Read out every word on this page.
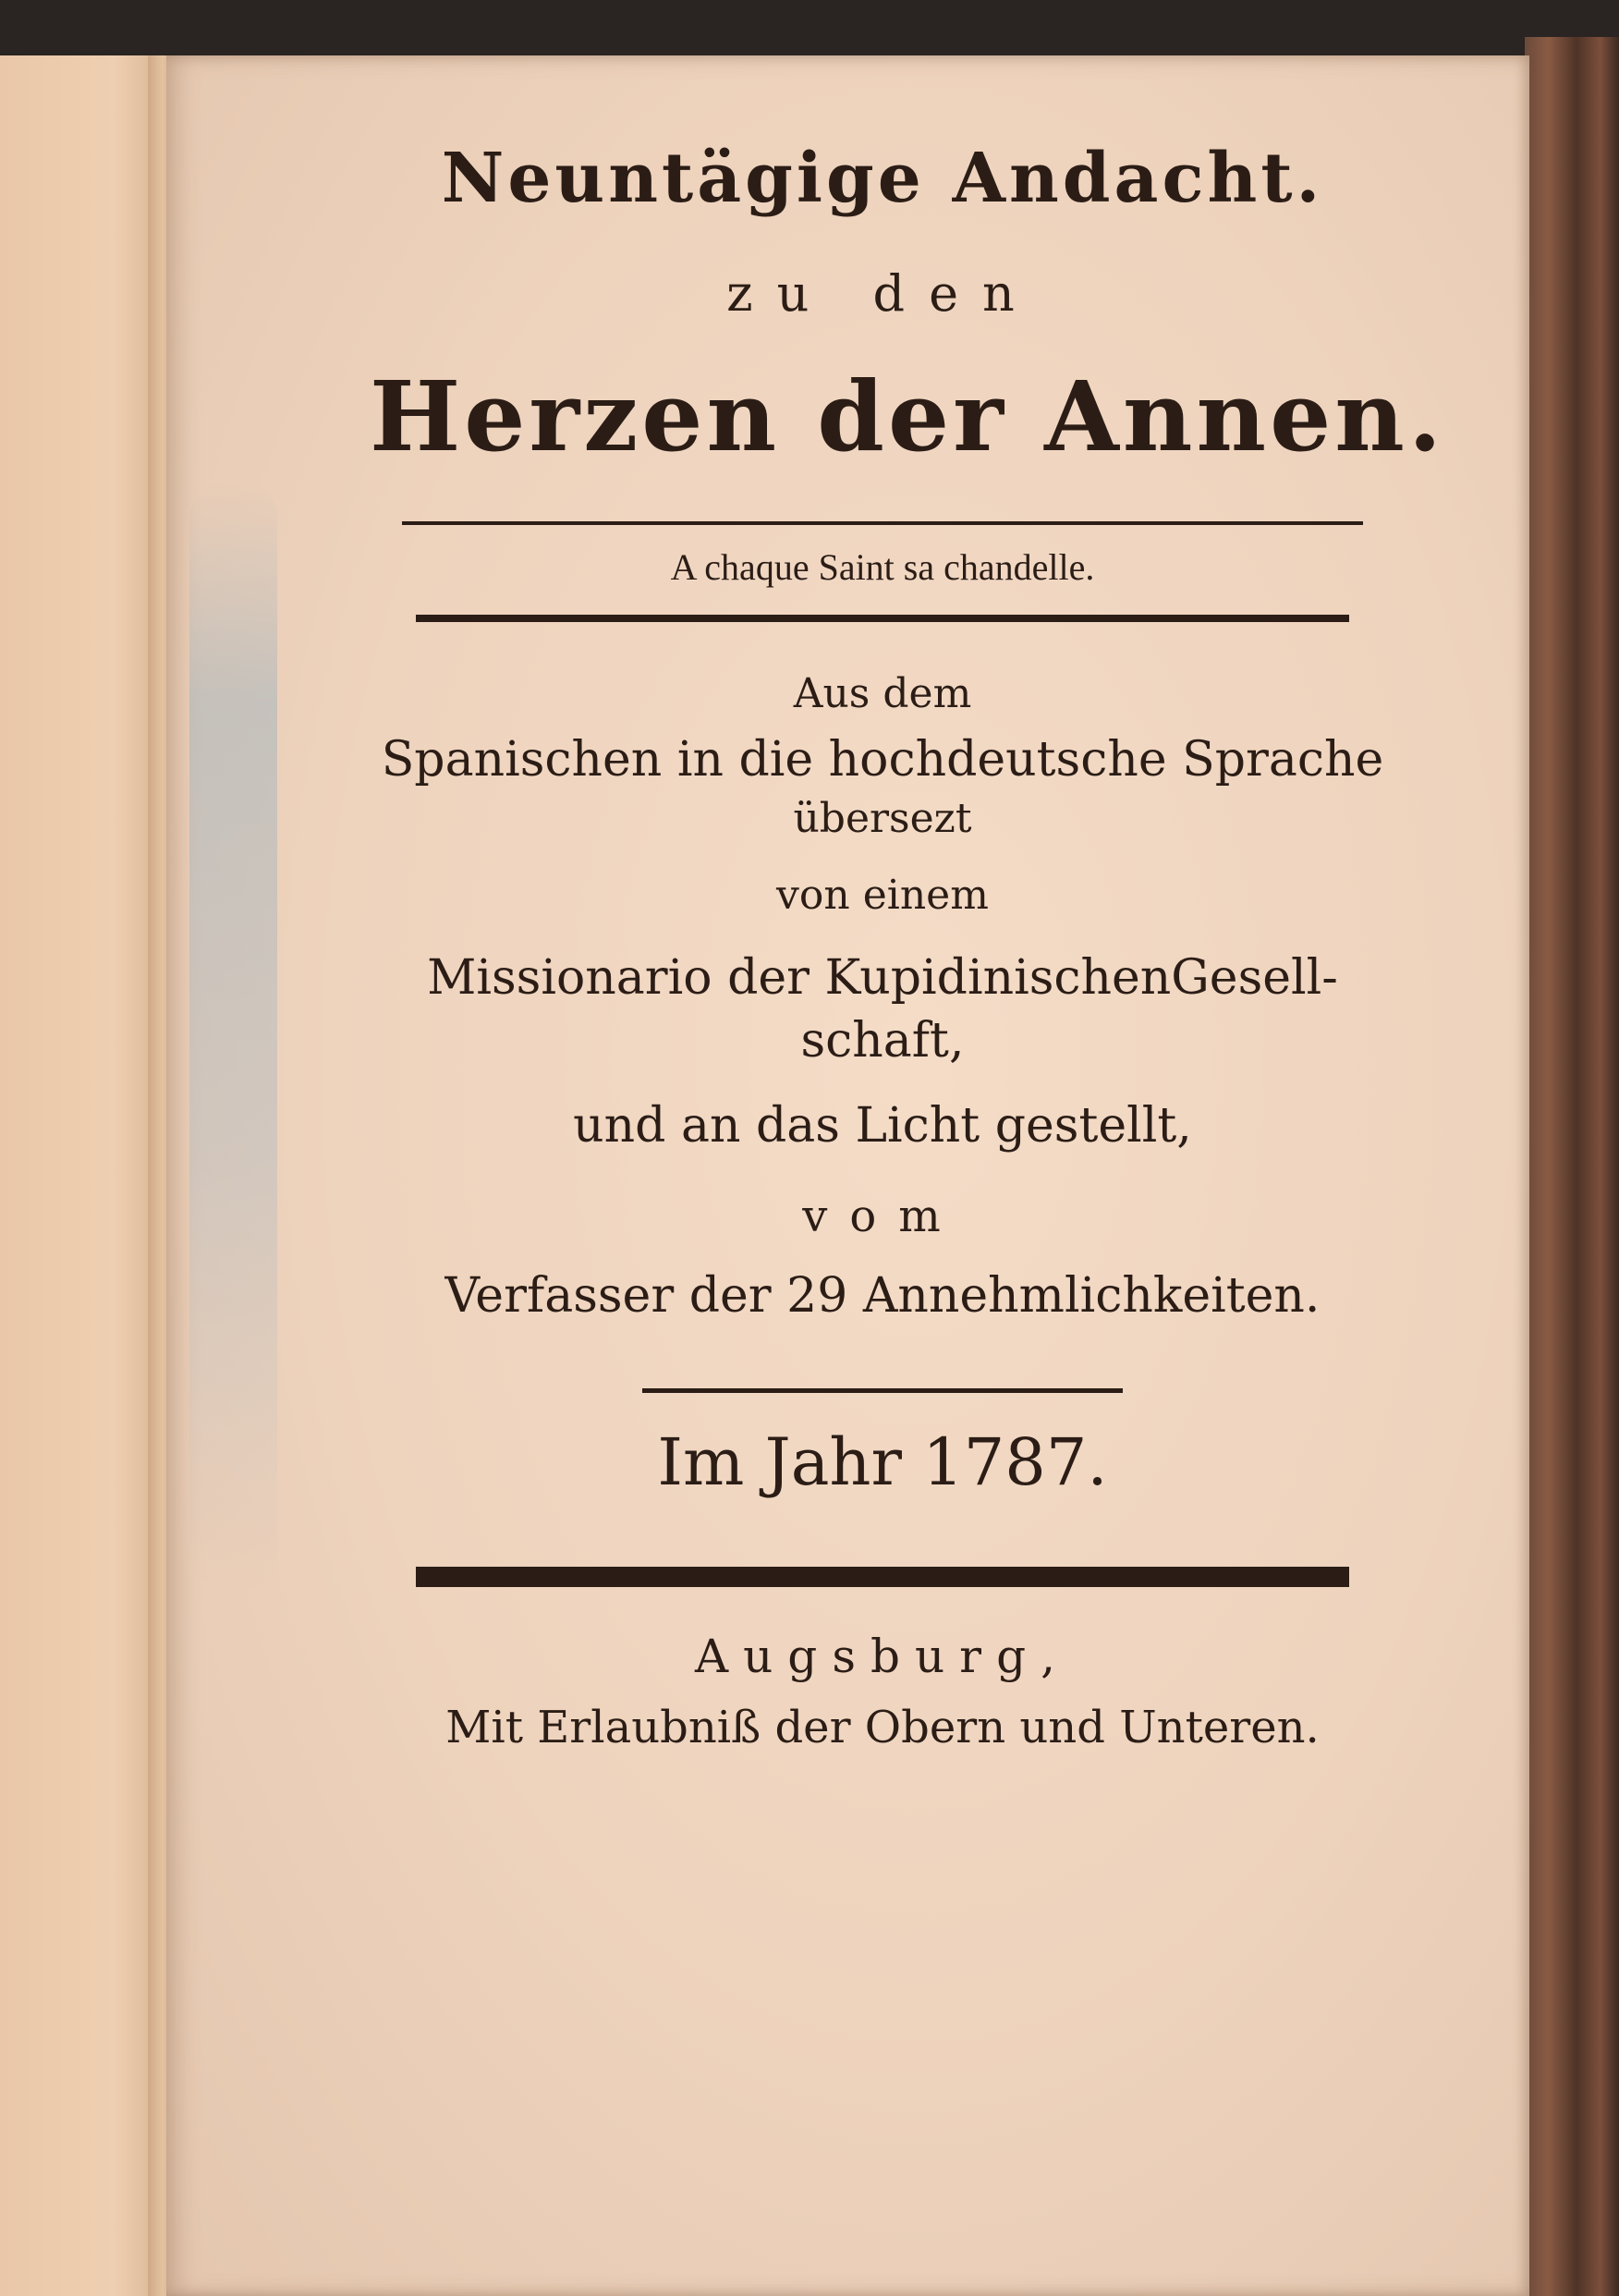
Neuntägige Andacht.
zu den
Herzen der Annen.
A chaque Saint sa chandelle.
Aus dem
Spanischen in die hochdeutsche Sprache
übersezt
von einem
Missionario der KupidinischenGesell-
schaft,
und an das Licht gestellt,
vom
Verfasser der 29 Annehmlichkeiten.
Im Jahr 1787.
Augsburg,
Mit Erlaubniß der Obern und Unteren.
